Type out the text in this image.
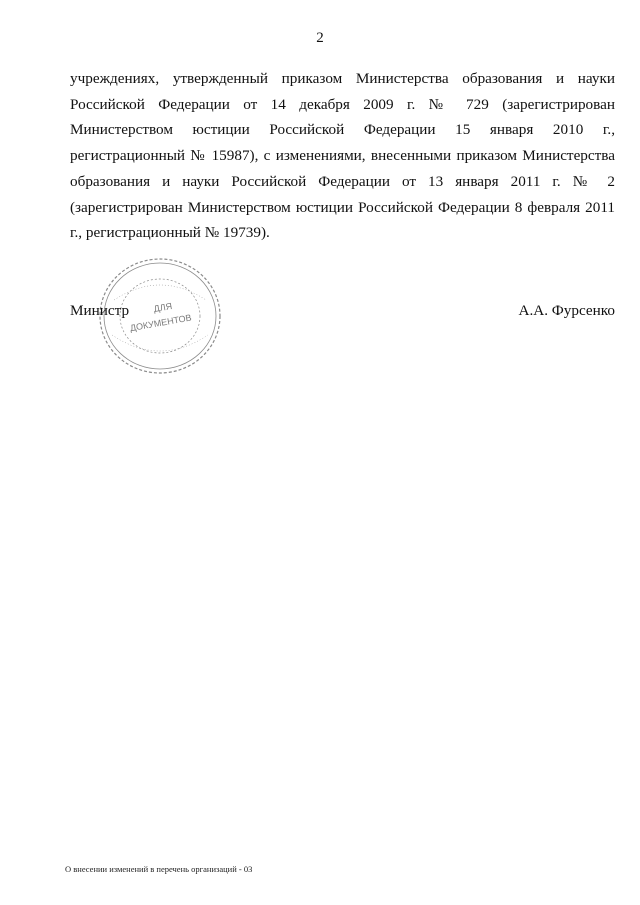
2
учреждениях, утвержденный приказом Министерства образования и науки Российской Федерации от 14 декабря 2009 г. № 729 (зарегистрирован Министерством юстиции Российской Федерации 15 января 2010 г., регистрационный № 15987), с изменениями, внесенными приказом Министерства образования и науки Российской Федерации от 13 января 2011 г. № 2 (зарегистрирован Министерством юстиции Российской Федерации 8 февраля 2011 г., регистрационный № 19739).
ДЛЯ
ДОКУМЕНТОВ
Министр	А.А. Фурсенко
О внесении изменений в перечень организаций - 03
